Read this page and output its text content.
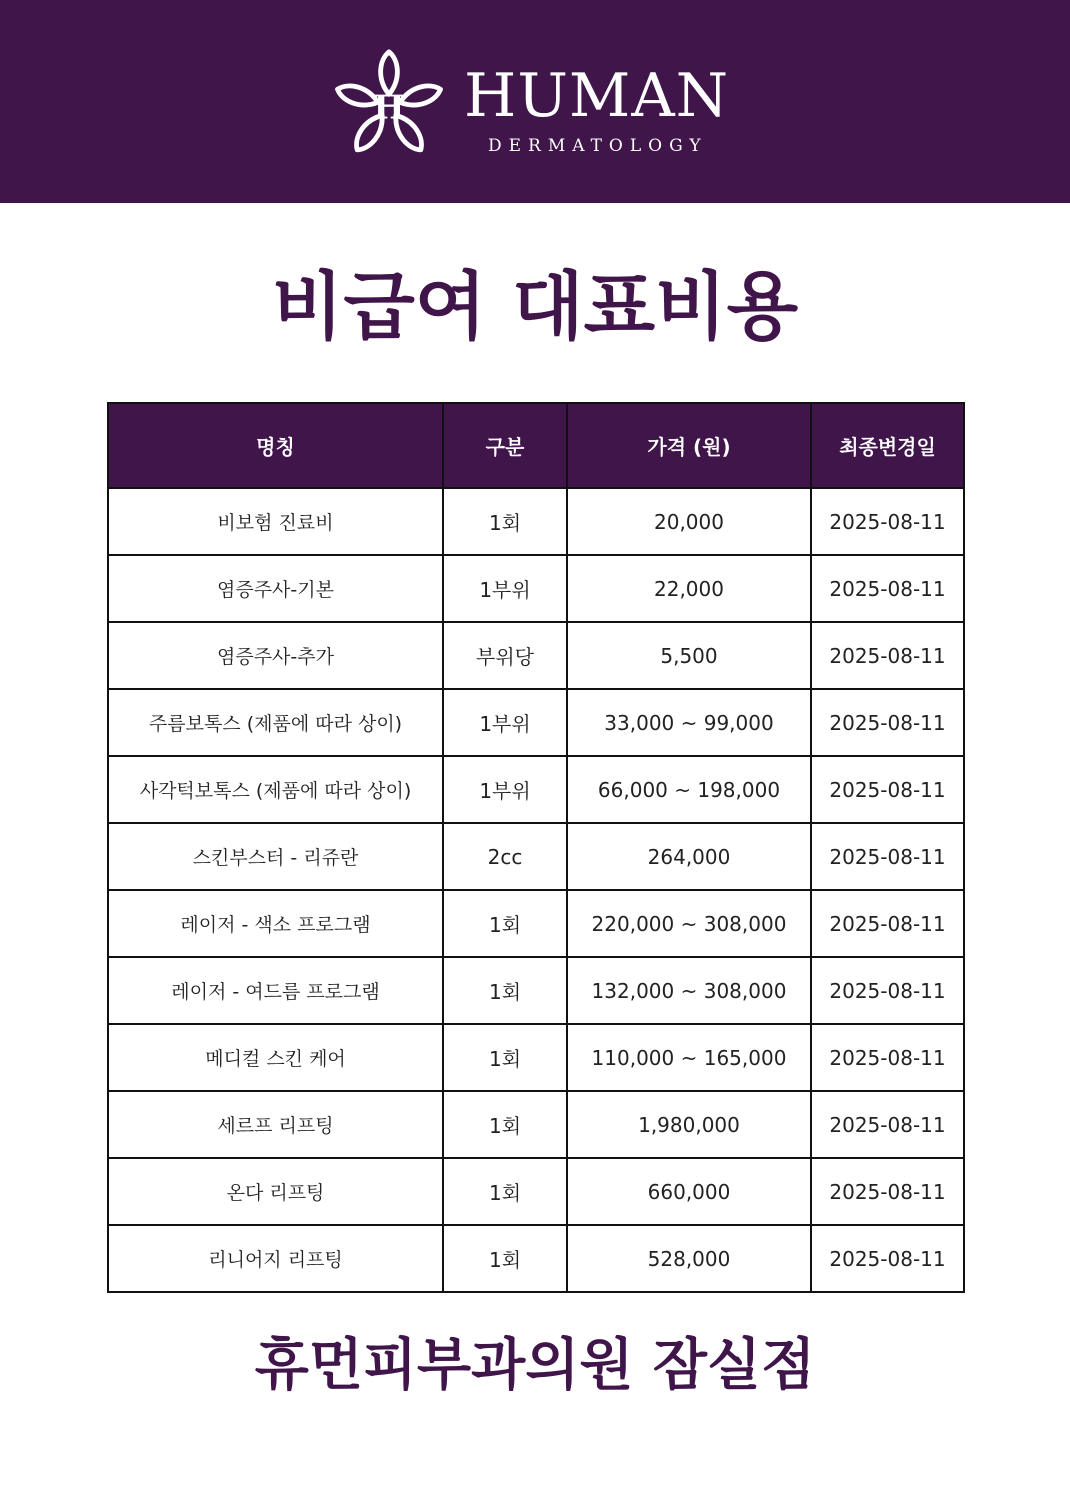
H HUMAN
DERMATOLOGY
비급여 대표비용
명칭	구분	가격 (원)	최종변경일
비보험 진료비	1회	20,000	2025-08-11
염증주사-기본	1부위	22,000	2025-08-11
염증주사-추가	부위당	5,500	2025-08-11
주름보톡스 (제품에 따라 상이)	1부위	33,000 ~ 99,000	2025-08-11
사각턱보톡스 (제품에 따라 상이)	1부위	66,000 ~ 198,000	2025-08-11
스킨부스터 - 리쥬란	2cc	264,000	2025-08-11
레이저 - 색소 프로그램	1회	220,000 ~ 308,000	2025-08-11
레이저 - 여드름 프로그램	1회	132,000 ~ 308,000	2025-08-11
메디컬 스킨 케어	1회	110,000 ~ 165,000	2025-08-11
세르프 리프팅	1회	1,980,000	2025-08-11
온다 리프팅	1회	660,000	2025-08-11
리니어지 리프팅	1회	528,000	2025-08-11
휴먼피부과의원 잠실점
